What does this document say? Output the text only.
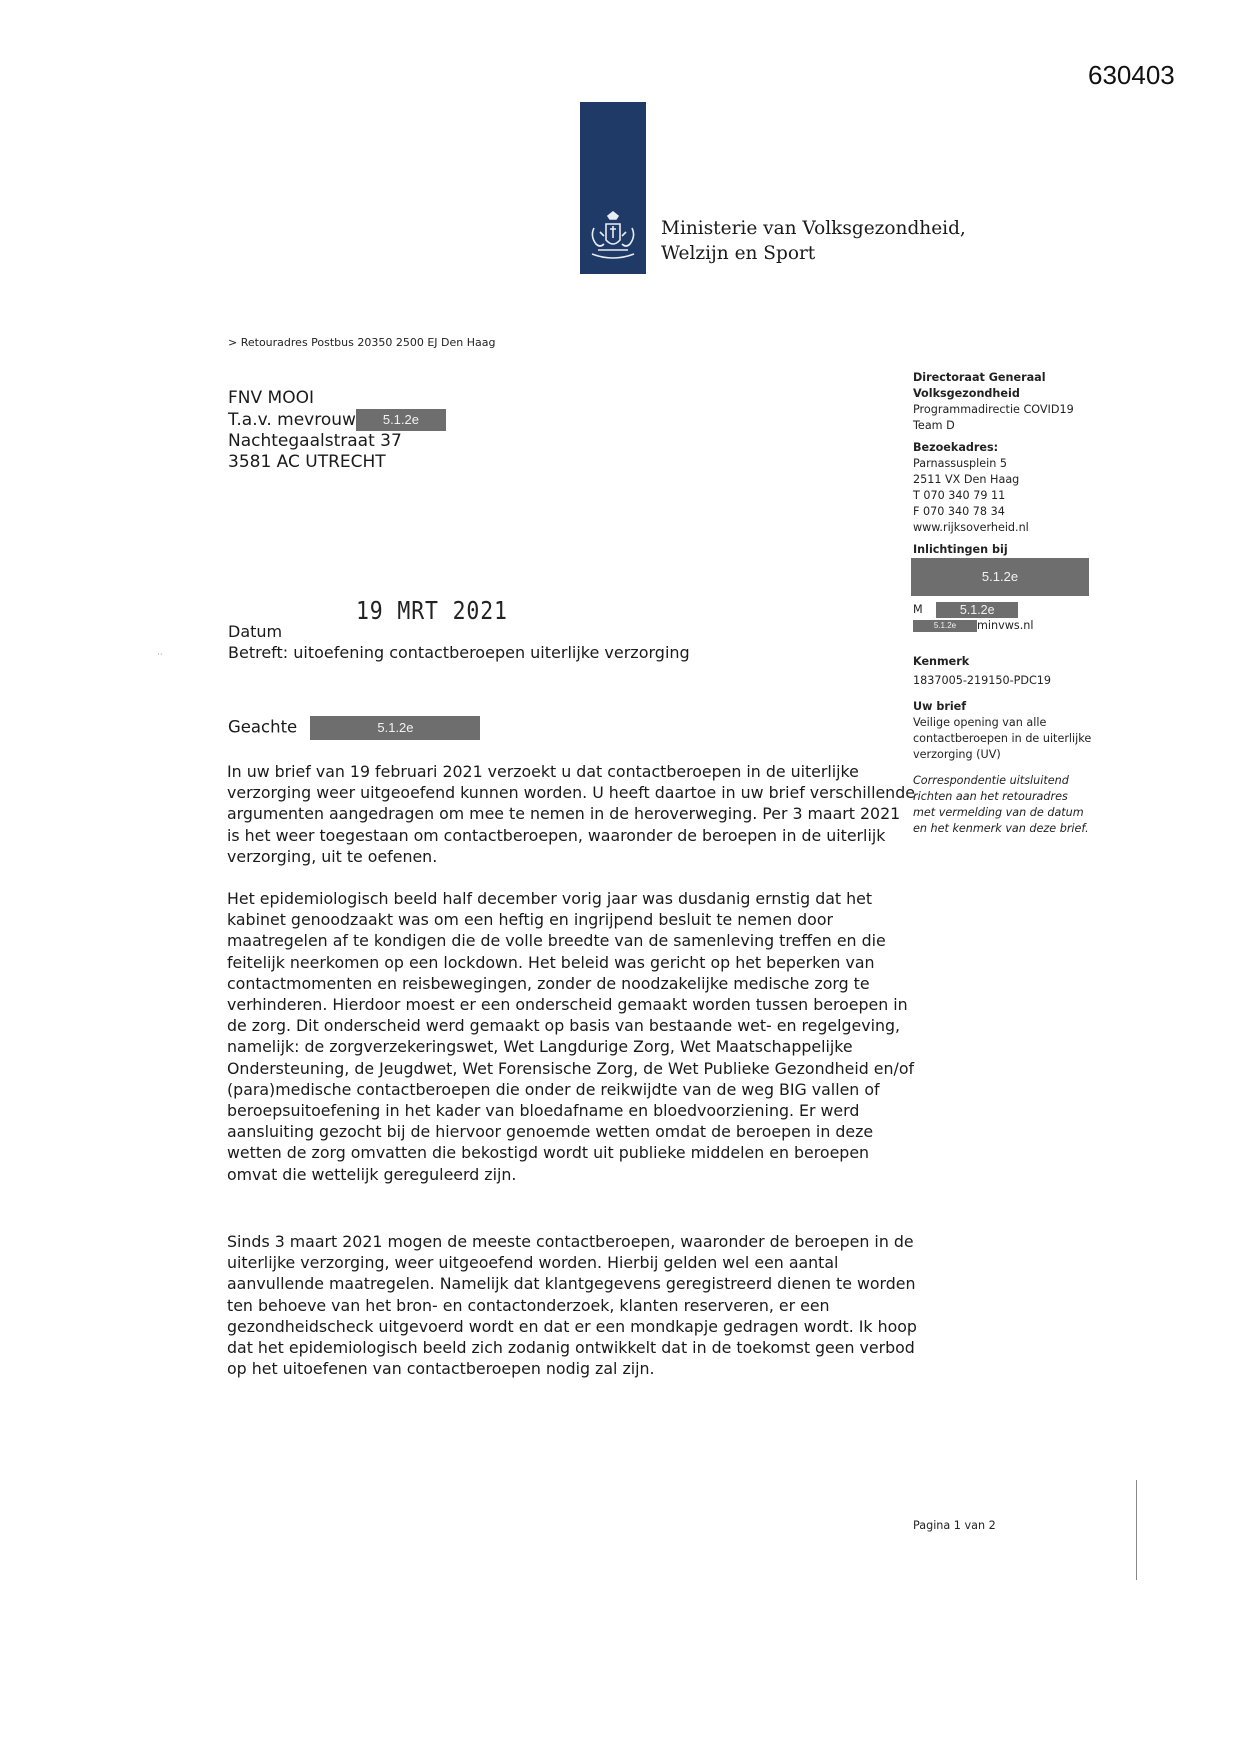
630403
Ministerie van Volksgezondheid,
Welzijn en Sport
> Retouradres Postbus 20350 2500 EJ Den Haag
FNV MOOI
T.a.v. mevrouw 5.1.2e
Nachtegaalstraat 37
3581 AC UTRECHT
··
19 MRT 2021
Datum
Betreft: uitoefening contactberoepen uiterlijke verzorging
Geachte	5.1.2e
In uw brief van 19 februari 2021 verzoekt u dat contactberoepen in de uiterlijke verzorging weer uitgeoefend kunnen worden. U heeft daartoe in uw brief verschillende argumenten aangedragen om mee te nemen in de heroverweging. Per 3 maart 2021 is het weer toegestaan om contactberoepen, waaronder de beroepen in de uiterlijk verzorging, uit te oefenen.
Het epidemiologisch beeld half december vorig jaar was dusdanig ernstig dat het kabinet genoodzaakt was om een heftig en ingrijpend besluit te nemen door maatregelen af te kondigen die de volle breedte van de samenleving treffen en die feitelijk neerkomen op een lockdown. Het beleid was gericht op het beperken van contactmomenten en reisbewegingen, zonder de noodzakelijke medische zorg te verhinderen. Hierdoor moest er een onderscheid gemaakt worden tussen beroepen in de zorg. Dit onderscheid werd gemaakt op basis van bestaande wet- en regelgeving, namelijk: de zorgverzekeringswet, Wet Langdurige Zorg, Wet Maatschappelijke Ondersteuning, de Jeugdwet, Wet Forensische Zorg, de Wet Publieke Gezondheid en/of (para)medische contactberoepen die onder de reikwijdte van de weg BIG vallen of beroepsuitoefening in het kader van bloedafname en bloedvoorziening. Er werd aansluiting gezocht bij de hiervoor genoemde wetten omdat de beroepen in deze wetten de zorg omvatten die bekostigd wordt uit publieke middelen en beroepen omvat die wettelijk gereguleerd zijn.
Sinds 3 maart 2021 mogen de meeste contactberoepen, waaronder de beroepen in de uiterlijke verzorging, weer uitgeoefend worden. Hierbij gelden wel een aantal aanvullende maatregelen. Namelijk dat klantgegevens geregistreerd dienen te worden ten behoeve van het bron- en contactonderzoek, klanten reserveren, er een gezondheidscheck uitgevoerd wordt en dat er een mondkapje gedragen wordt. Ik hoop dat het epidemiologisch beeld zich zodanig ontwikkelt dat in de toekomst geen verbod op het uitoefenen van contactberoepen nodig zal zijn.
Directoraat Generaal
Volksgezondheid
Programmadirectie COVID19
Team D
Bezoekadres:
Parnassusplein 5
2511 VX Den Haag
T 070 340 79 11
F 070 340 78 34
www.rijksoverheid.nl
Inlichtingen bij
5.1.2e
M	5.1.2e
5.1.2e minvws.nl
Kenmerk
1837005-219150-PDC19
Uw brief
Veilige opening van alle contactberoepen in de uiterlijke verzorging (UV)
Correspondentie uitsluitend richten aan het retouradres met vermelding van de datum en het kenmerk van deze brief.
Pagina 1 van 2
